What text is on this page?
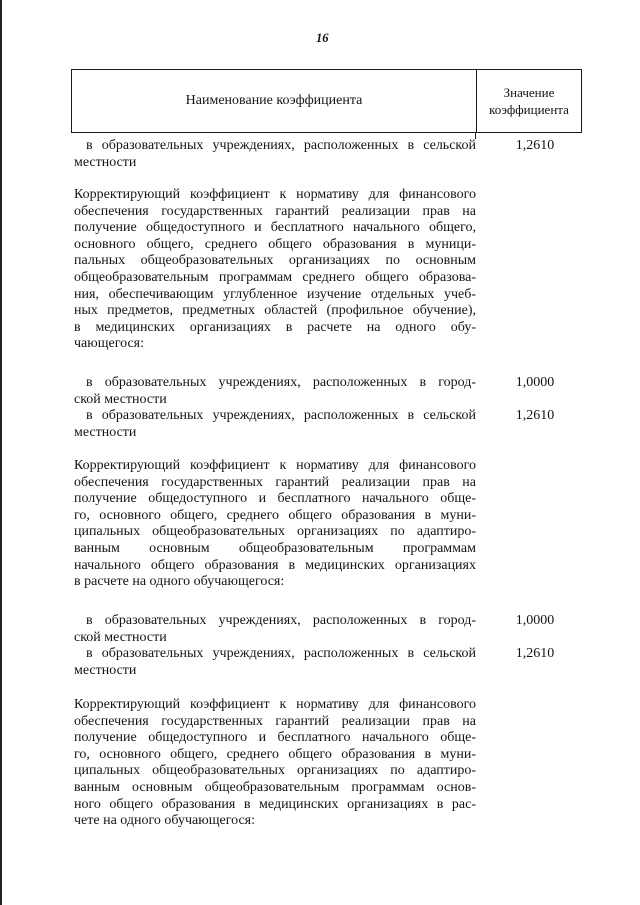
16
Наименование коэффициента
Значение
коэффициента
в образовательных учреждениях, расположенных в сельской
местности
1,2610
Корректирующий коэффициент к нормативу для финансового
обеспечения государственных гарантий реализации прав на
получение общедоступного и бесплатного начального общего,
основного общего, среднего общего образования в муници-
пальных общеобразовательных организациях по основным
общеобразовательным программам среднего общего образова-
ния, обеспечивающим углубленное изучение отдельных учеб-
ных предметов, предметных областей (профильное обучение),
в медицинских организациях в расчете на одного обу-
чающегося:
в образовательных учреждениях, расположенных в город-
ской местности
1,0000
в образовательных учреждениях, расположенных в сельской
местности
1,2610
Корректирующий коэффициент к нормативу для финансового
обеспечения государственных гарантий реализации прав на
получение общедоступного и бесплатного начального обще-
го, основного общего, среднего общего образования в муни-
ципальных общеобразовательных организациях по адаптиро-
ванным основным общеобразовательным программам
начального общего образования в медицинских организациях
в расчете на одного обучающегося:
в образовательных учреждениях, расположенных в город-
ской местности
1,0000
в образовательных учреждениях, расположенных в сельской
местности
1,2610
Корректирующий коэффициент к нормативу для финансового
обеспечения государственных гарантий реализации прав на
получение общедоступного и бесплатного начального обще-
го, основного общего, среднего общего образования в муни-
ципальных общеобразовательных организациях по адаптиро-
ванным основным общеобразовательным программам основ-
ного общего образования в медицинских организациях в рас-
чете на одного обучающегося:
